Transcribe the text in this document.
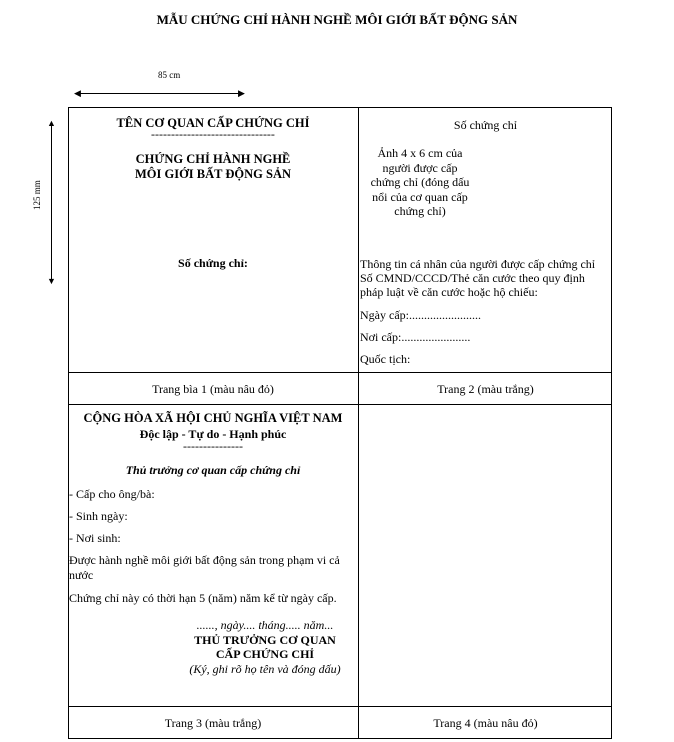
MẪU CHỨNG CHỈ HÀNH NGHỀ MÔI GIỚI BẤT ĐỘNG SẢN
85 cm
◀	▶
125 mm
▲
▼
TÊN CƠ QUAN CẤP CHỨNG CHỈ
-------------------------------
CHỨNG CHỈ HÀNH NGHỀ
MÔI GIỚI BẤT ĐỘNG SẢN
Số chứng chỉ:
Trang bìa 1 (màu nâu đỏ)
Số chứng chỉ
Ảnh 4 x 6 cm của
người được cấp
chứng chỉ (đóng dấu
nổi của cơ quan cấp
chứng chỉ)
Thông tin cá nhân của người được cấp chứng chỉ
Số CMND/CCCD/Thẻ căn cước theo quy định
pháp luật về căn cước hoặc hộ chiếu:
Ngày cấp:........................
Nơi cấp:.......................
Quốc tịch:
Trang 2 (màu trắng)
CỘNG HÒA XÃ HỘI CHỦ NGHĨA VIỆT NAM
Độc lập - Tự do - Hạnh phúc
---------------
Thủ trưởng cơ quan cấp chứng chỉ
- Cấp cho ông/bà:
- Sinh ngày:
- Nơi sinh:
Được hành nghề môi giới bất động sản trong phạm vi cả
nước
Chứng chỉ này có thời hạn 5 (năm) năm kể từ ngày cấp.
......, ngày.... tháng..... năm...
THỦ TRƯỞNG CƠ QUAN
CẤP CHỨNG CHỈ
(Ký, ghi rõ họ tên và đóng dấu)
Trang 3 (màu trắng)	Trang 4 (màu nâu đỏ)
